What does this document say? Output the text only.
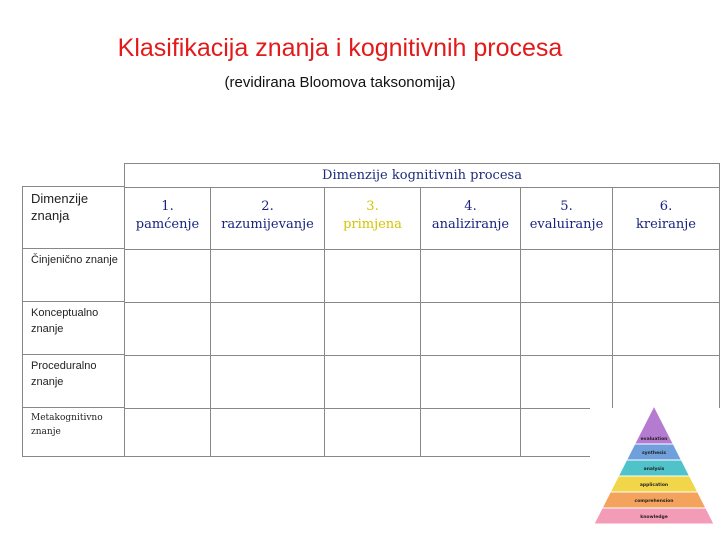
Klasifikacija znanja i kognitivnih procesa
(revidirana Bloomova taksonomija)
Dimenzije znanja
Činjenično znanje
Konceptualno znanje
Proceduralno znanje
Metakognitivno znanje
Dimenzije kognitivnih procesa
1.
pamćenje
2.
razumijevanje
3.
primjena
4.
analiziranje
5.
evaluiranje
6.
kreiranje
evaluation
synthesis
analysis
application
comprehension
knowledge
